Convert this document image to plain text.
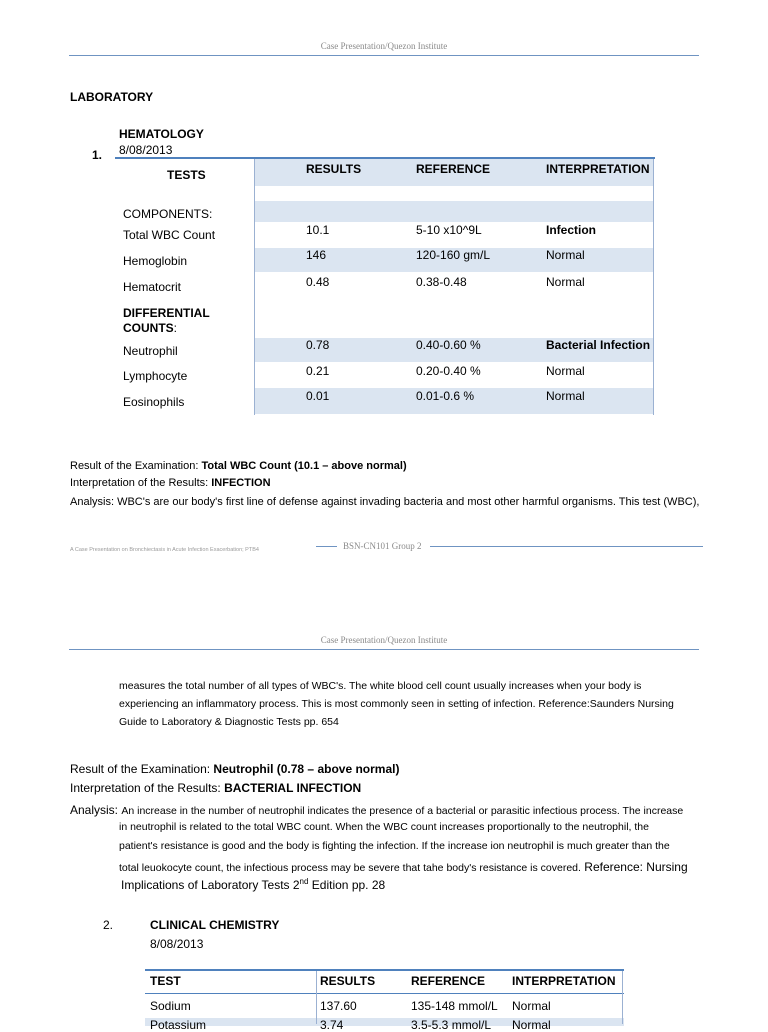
Case Presentation/Quezon Institute
LABORATORY
HEMATOLOGY
8/08/2013
1.
TESTS	RESULTS	REFERENCE	INTERPRETATION
COMPONENTS:
Total WBC Count	10.1	5-10 x10^9L	Infection
Hemoglobin	146	120-160 gm/L	Normal
Hematocrit	0.48	0.38-0.48	Normal
DIFFERENTIAL
COUNTS:
Neutrophil	0.78	0.40-0.60 %	Bacterial Infection
Lymphocyte	0.21	0.20-0.40 %	Normal
Eosinophils	0.01	0.01-0.6 %	Normal
Result of the Examination: Total WBC Count (10.1 – above normal)
Interpretation of the Results: INFECTION
Analysis: WBC's are our body's first line of defense against invading bacteria and most other harmful organisms. This test (WBC),
A Case Presentation on Bronchiectasis in Acute Infection Exacerbation; PTB4	BSN-CN101 Group 2
Case Presentation/Quezon Institute
measures the total number of all types of WBC's. The white blood cell count usually increases when your body is
experiencing an inflammatory process. This is most commonly seen in setting of infection. Reference:Saunders Nursing
Guide to Laboratory & Diagnostic Tests pp. 654
Result of the Examination: Neutrophil (0.78 – above normal)
Interpretation of the Results: BACTERIAL INFECTION
Analysis: An increase in the number of neutrophil indicates the presence of a bacterial or parasitic infectious process. The increase
in neutrophil is related to the total WBC count. When the WBC count increases proportionally to the neutrophil, the
patient's resistance is good and the body is fighting the infection. If the increase ion neutrophil is much greater than the
total leuokocyte count, the infectious process may be severe that tahe body's resistance is covered. Reference: Nursing
Implications of Laboratory Tests 2nd Edition pp. 28
2.	CLINICAL CHEMISTRY
8/08/2013
TEST	RESULTS	REFERENCE INTERPRETATION
Sodium	137.60	135-148 mmol/L Normal
Potassium	3.74	3.5-5.3 mmol/L Normal
